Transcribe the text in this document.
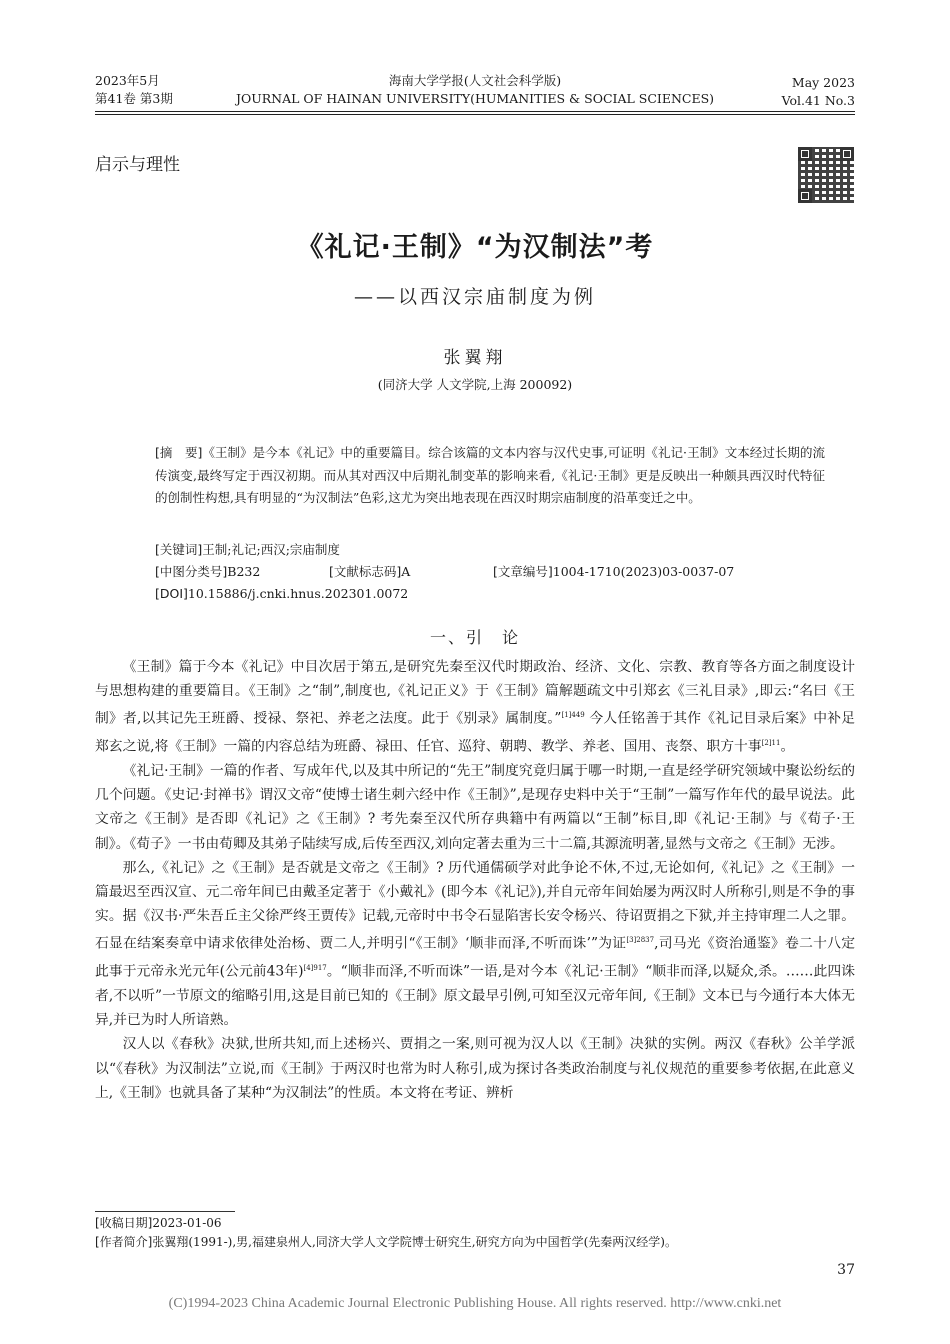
2023年5月
第41卷 第3期
海南大学学报(人文社会科学版)
JOURNAL OF HAINAN UNIVERSITY(HUMANITIES & SOCIAL SCIENCES)
May 2023
Vol.41 No.3
启示与理性
《礼记·王制》“为汉制法”考
——以西汉宗庙制度为例
张翼翔
(同济大学 人文学院,上海 200092)
[摘　要]《王制》是今本《礼记》中的重要篇目。综合该篇的文本内容与汉代史事,可证明《礼记·王制》文本经过长期的流传演变,最终写定于西汉初期。而从其对西汉中后期礼制变革的影响来看,《礼记·王制》更是反映出一种颇具西汉时代特征的创制性构想,具有明显的“为汉制法”色彩,这尤为突出地表现在西汉时期宗庙制度的沿革变迁之中。
[关键词]王制;礼记;西汉;宗庙制度
[中图分类号]B232	[文献标志码]A	[文章编号]1004-1710(2023)03-0037-07
[DOI]10.15886/j.cnki.hnus.202301.0072
一、引　论

《王制》篇于今本《礼记》中目次居于第五,是研究先秦至汉代时期政治、经济、文化、宗教、教育等各方面之制度设计与思想构建的重要篇目。《王制》之“制”,制度也,《礼记正义》于《王制》篇解题疏文中引郑玄《三礼目录》,即云:“名曰《王制》者,以其记先王班爵、授禄、祭祀、养老之法度。此于《别录》属制度。”$^{[1]449}$ 今人任铭善于其作《礼记目录后案》中补足郑玄之说,将《王制》一篇的内容总结为班爵、禄田、任官、巡狩、朝聘、教学、养老、国用、丧祭、职方十事$^{[2]11}$。

《礼记·王制》一篇的作者、写成年代,以及其中所记的“先王”制度究竟归属于哪一时期,一直是经学研究领域中聚讼纷纭的几个问题。《史记·封禅书》谓汉文帝“使博士诸生刺六经中作《王制》”,是现存史料中关于“王制”一篇写作年代的最早说法。此文帝之《王制》是否即《礼记》之《王制》? 考先秦至汉代所存典籍中有两篇以“王制”标目,即《礼记·王制》与《荀子·王制》。《荀子》一书由荀卿及其弟子陆续写成,后传至西汉,刘向定著去重为三十二篇,其源流明著,显然与文帝之《王制》无涉。

那么,《礼记》之《王制》是否就是文帝之《王制》? 历代通儒硕学对此争论不休,不过,无论如何,《礼记》之《王制》一篇最迟至西汉宣、元二帝年间已由戴圣定著于《小戴礼》(即今本《礼记》),并自元帝年间始屡为两汉时人所称引,则是不争的事实。据《汉书·严朱吾丘主父徐严终王贾传》记载,元帝时中书令石显陷害长安令杨兴、待诏贾捐之下狱,并主持审理二人之罪。石显在结案奏章中请求依律处治杨、贾二人,并明引“《王制》‘顺非而泽,不听而诛’”为证$^{[3]2837}$,司马光《资治通鉴》卷二十八定此事于元帝永光元年(公元前43年)$^{[4]917}$。“顺非而泽,不听而诛”一语,是对今本《礼记·王制》“顺非而泽,以疑众,杀。……此四诛者,不以听”一节原文的缩略引用,这是目前已知的《王制》原文最早引例,可知至汉元帝年间,《王制》文本已与今通行本大体无异,并已为时人所谙熟。

汉人以《春秋》决狱,世所共知,而上述杨兴、贾捐之一案,则可视为汉人以《王制》决狱的实例。两汉《春秋》公羊学派以“《春秋》为汉制法”立说,而《王制》于两汉时也常为时人称引,成为探讨各类政治制度与礼仪规范的重要参考依据,在此意义上,《王制》也就具备了某种“为汉制法”的性质。本文将在考证、辨析

[收稿日期]2023-01-06
[作者简介]张翼翔(1991-),男,福建泉州人,同济大学人文学院博士研究生,研究方向为中国哲学(先秦两汉经学)。
37
(C)1994-2023 China Academic Journal Electronic Publishing House. All rights reserved. http://www.cnki.net
